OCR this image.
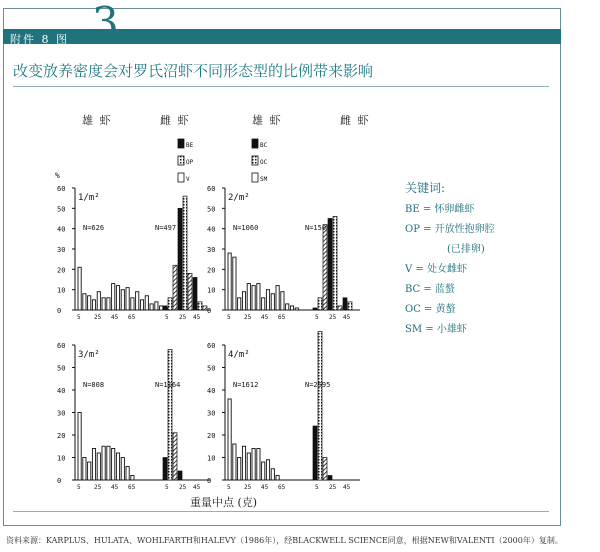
附件 8 图 3
改变放养密度会对罗氏沼虾不同形态型的比例带来影响
关键词:
BE = 怀卵雌虾
OP = 开放性抱卵腔
(已排卵)
V = 处女雌虾
BC = 蓝螯
OC = 黄螯
SM = 小雄虾
重量中点 (克)
资料来源：KARPLUS、HULATA、WOHLFARTH和HALEVY（1986年），经BLACKWELL SCIENCE同意，根据NEW和VALENTI（2000年）复制。
雄 虾	雌 虾	雄 虾	雌 虾
BE
OP
V
BC
OC
SM
0
10
20
30
40
50
60
1/m²
N=626
5 25 45 65
N=497
5 25 45
0
10
20
30
40
50
60
2/m²
N=1060
5 25 45 65
N=1504
5 25 45
0
10
20
30
40
50
60
3/m²
N=808
5 25 45 65
N=1164
5 25 45
0
10
20
30
40
50
60
4/m²
N=1612
5 25 45 65
N=2595
5 25 45
%
